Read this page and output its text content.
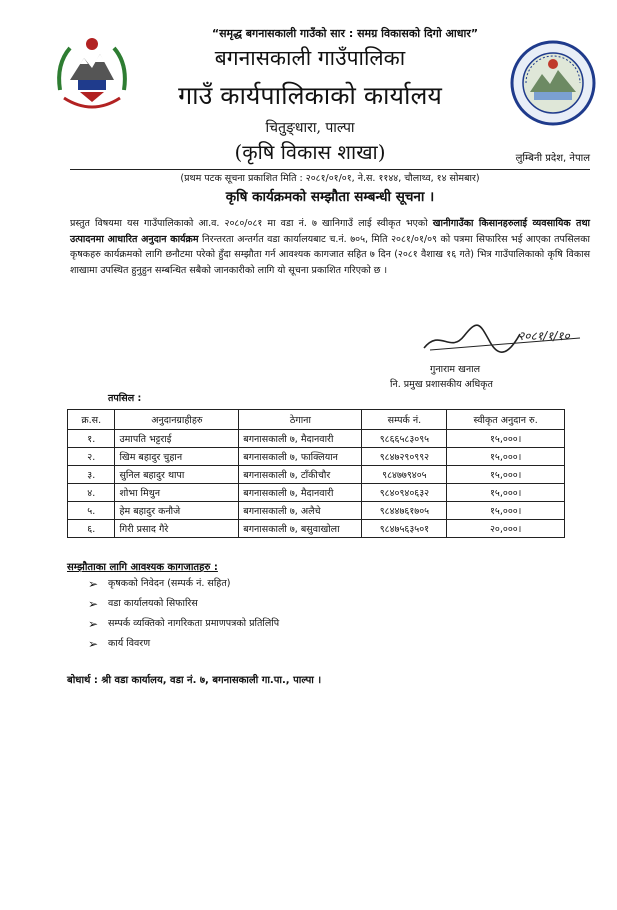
“समृद्ध बगनासकाली गाउँको सार : समग्र विकासको दिगो आधार”
बगनासकाली गाउँपालिका
गाउँ कार्यपालिकाको कार्यालय
चितुङ्धारा, पाल्पा
(कृषि विकास शाखा)	लुम्बिनी प्रदेश, नेपाल
(प्रथम पटक सूचना प्रकाशित मिति : २०८१/०१/०१, ने.स. ११४४, चौलाथ्व, १४ सोमबार)
कृषि कार्यक्रमको सम्झौता सम्बन्धी सूचना ।
प्रस्तुत विषयमा यस गाउँपालिकाको आ.व. २०८०/०८१ मा वडा नं. ७ खानिगाउँ लाई स्वीकृत भएको खानीगाउँका किसानहरुलाई व्यवसायिक तथा उत्पादनमा आधारित अनुदान कार्यक्रम निरन्तरता अन्तर्गत वडा कार्यालयबाट च.नं. ७०५, मिति २०८१/०१/०९ को पत्रमा सिफारिस भई आएका तपसिलका कृषकहरु कार्यक्रमको लागि छनौटमा परेको हुँदा सम्झौता गर्न आवश्यक कागजात सहित ७ दिन (२०८१ वैशाख १६ गते) भित्र गाउँपालिकाको कृषि विकास शाखामा उपस्थित हुनुहुन सम्बन्धित सबैको जानकारीको लागि यो सूचना प्रकाशित गरिएको छ ।
२०८१/१/१०
गुनाराम खनाल
नि. प्रमुख प्रशासकीय अधिकृत
तपसिल :
क्र.स.	अनुदानग्राहीहरु	ठेगाना	सम्पर्क नं.	स्वीकृत अनुदान रु.
१.	उमापति भट्टराई	बगनासकाली ७, मैदानवारी	९८६६५८३०९५	१५,०००।
२.	खिम बहादुर चुहान	बगनासकाली ७, फाक्लियान	९८४७२९०९९२	१५,०००।
३.	सुनिल बहादुर थापा	बगनासकाली ७, टाँकीचौर	९८४७७९४०५	१५,०००।
४.	शोभा मिथुन	बगनासकाली ७, मैदानवारी	९८४०९४०६३२	१५,०००।
५.	हेम बहादुर कनौजे	बगनासकाली ७, अलैचे	९८४४७६१७०५	१५,०००।
६.	गिरी प्रसाद गैरे	बगनासकाली ७, बसुवाखोला	९८४७५६३५०१	२०,०००।
सम्झौताका लागि आवश्यक कागजातहरु :
➢ कृषकको निवेदन (सम्पर्क नं. सहित)
➢ वडा कार्यालयको सिफारिस
➢ सम्पर्क व्यक्तिको नागरिकता प्रमाणपत्रको प्रतिलिपि
➢ कार्य विवरण
बोधार्थ : श्री वडा कार्यालय, वडा नं. ७, बगनासकाली गा.पा., पाल्पा ।
